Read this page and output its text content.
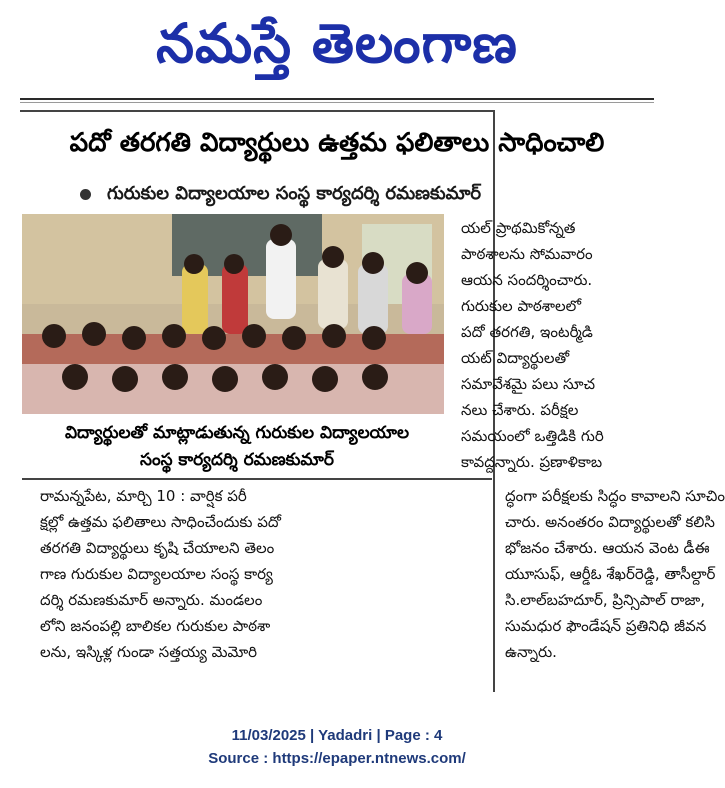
నమస్తే తెలంగాణ
పదో తరగతి విద్యార్థులు ఉత్తమ ఫలితాలు సాధించాలి
గురుకుల విద్యాలయాల సంస్థ కార్యదర్శి రమణకుమార్
విద్యార్థులతో మాట్లాడుతున్న గురుకుల విద్యాలయాల
సంస్థ కార్యదర్శి రమణకుమార్
యల్ ప్రాథమికోన్నత
పాఠశాలను సోమవారం
ఆయన సందర్శించారు.
గురుకుల పాఠశాలలో
పదో తరగతి, ఇంటర్మీడి
యట్ విద్యార్థులతో
సమావేశమై పలు సూచ
నలు చేశారు. పరీక్షల
సమయంలో ఒత్తిడికి గురి
కావద్దన్నారు. ప్రణాళికాబ
రామన్నపేట, మార్చి 10 : వార్షిక పరీ
క్షల్లో ఉత్తమ ఫలితాలు సాధించేందుకు పదో
తరగతి విద్యార్థులు కృషి చేయాలని తెలం
గాణ గురుకుల విద్యాలయాల సంస్థ కార్య
దర్శి రమణకుమార్ అన్నారు. మండలం
లోని జనంపల్లి బాలికల గురుకుల పాఠశా
లను, ఇస్కిళ్ల గుండా సత్తయ్య మెమోరి
ద్ధంగా పరీక్షలకు సిద్ధం కావాలని సూచిం
చారు. అనంతరం విద్యార్థులతో కలిసి
భోజనం చేశారు. ఆయన వెంట డీఈ
యూసుఫ్, ఆర్డీఓ శేఖర్‌రెడ్డి, తాసీల్దార్
సి.లాల్‌బహదూర్, ప్రిన్సిపాల్ రాజా,
సుమధుర ఫౌండేషన్ ప్రతినిధి జీవన
ఉన్నారు.
11/03/2025 | Yadadri | Page : 4
Source : https://epaper.ntnews.com/
